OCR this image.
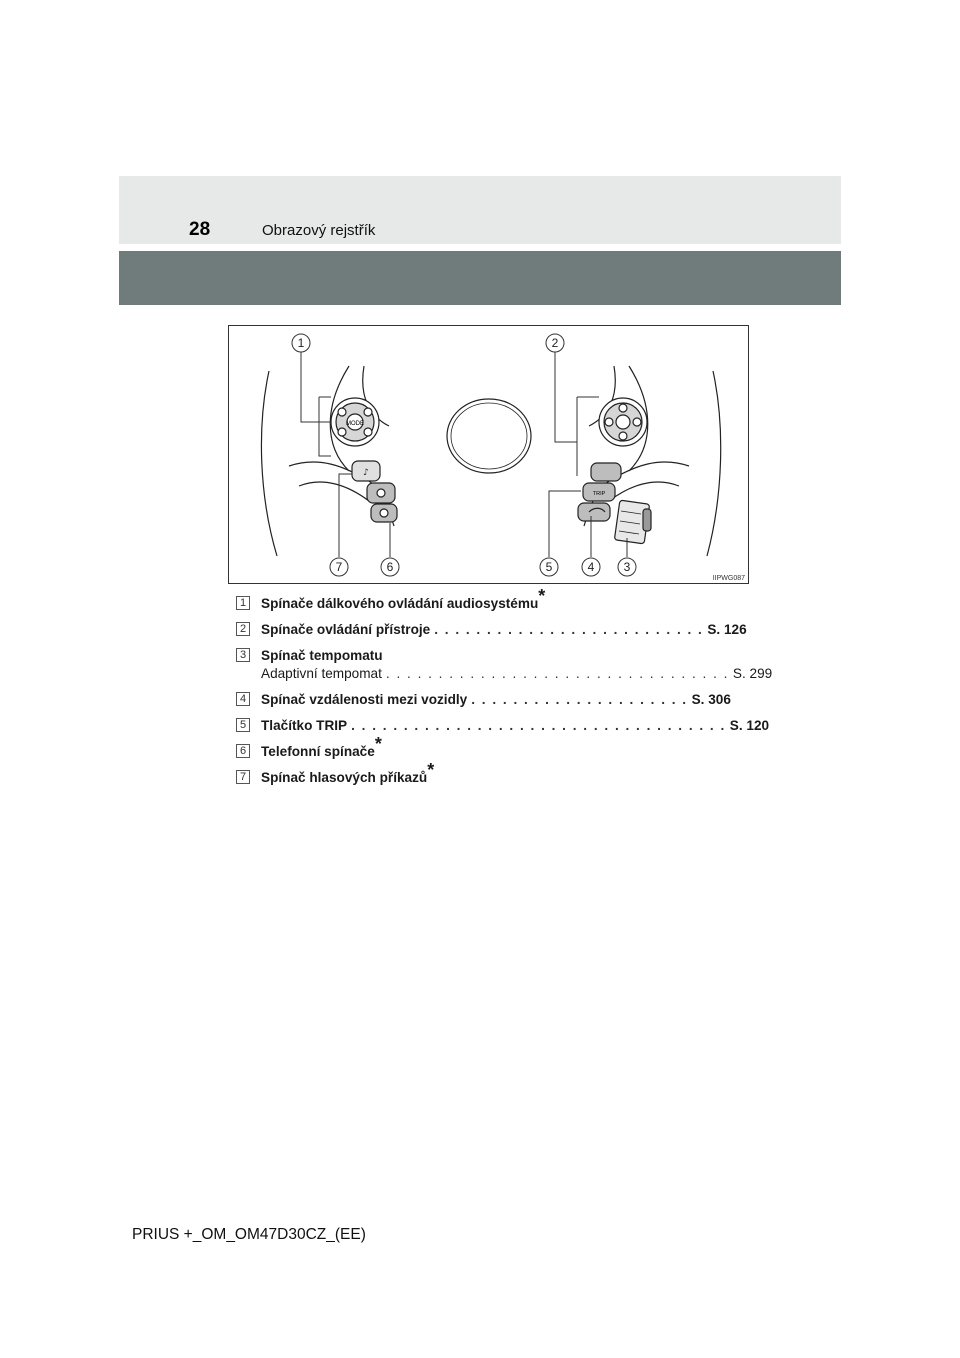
28	Obrazový rejstřík
MODE
♪
TRIP
1	2
3
4
5
6
7
IIPWG087
1 Spínače dálkového ovládání audiosystému*
2 Spínače ovládání přístroje . . . . . . . . . . . . . . . . . . . . . . . . . . S. 126
3 Spínač tempomatu
Adaptivní tempomat . . . . . . . . . . . . . . . . . . . . . . . . . . . . . . . . . S. 299
4 Spínač vzdálenosti mezi vozidly . . . . . . . . . . . . . . . . . . . . . S. 306
5 Tlačítko TRIP . . . . . . . . . . . . . . . . . . . . . . . . . . . . . . . . . . . . S. 120
6 Telefonní spínače*
7 Spínač hlasových příkazů*
PRIUS +_OM_OM47D30CZ_(EE)
